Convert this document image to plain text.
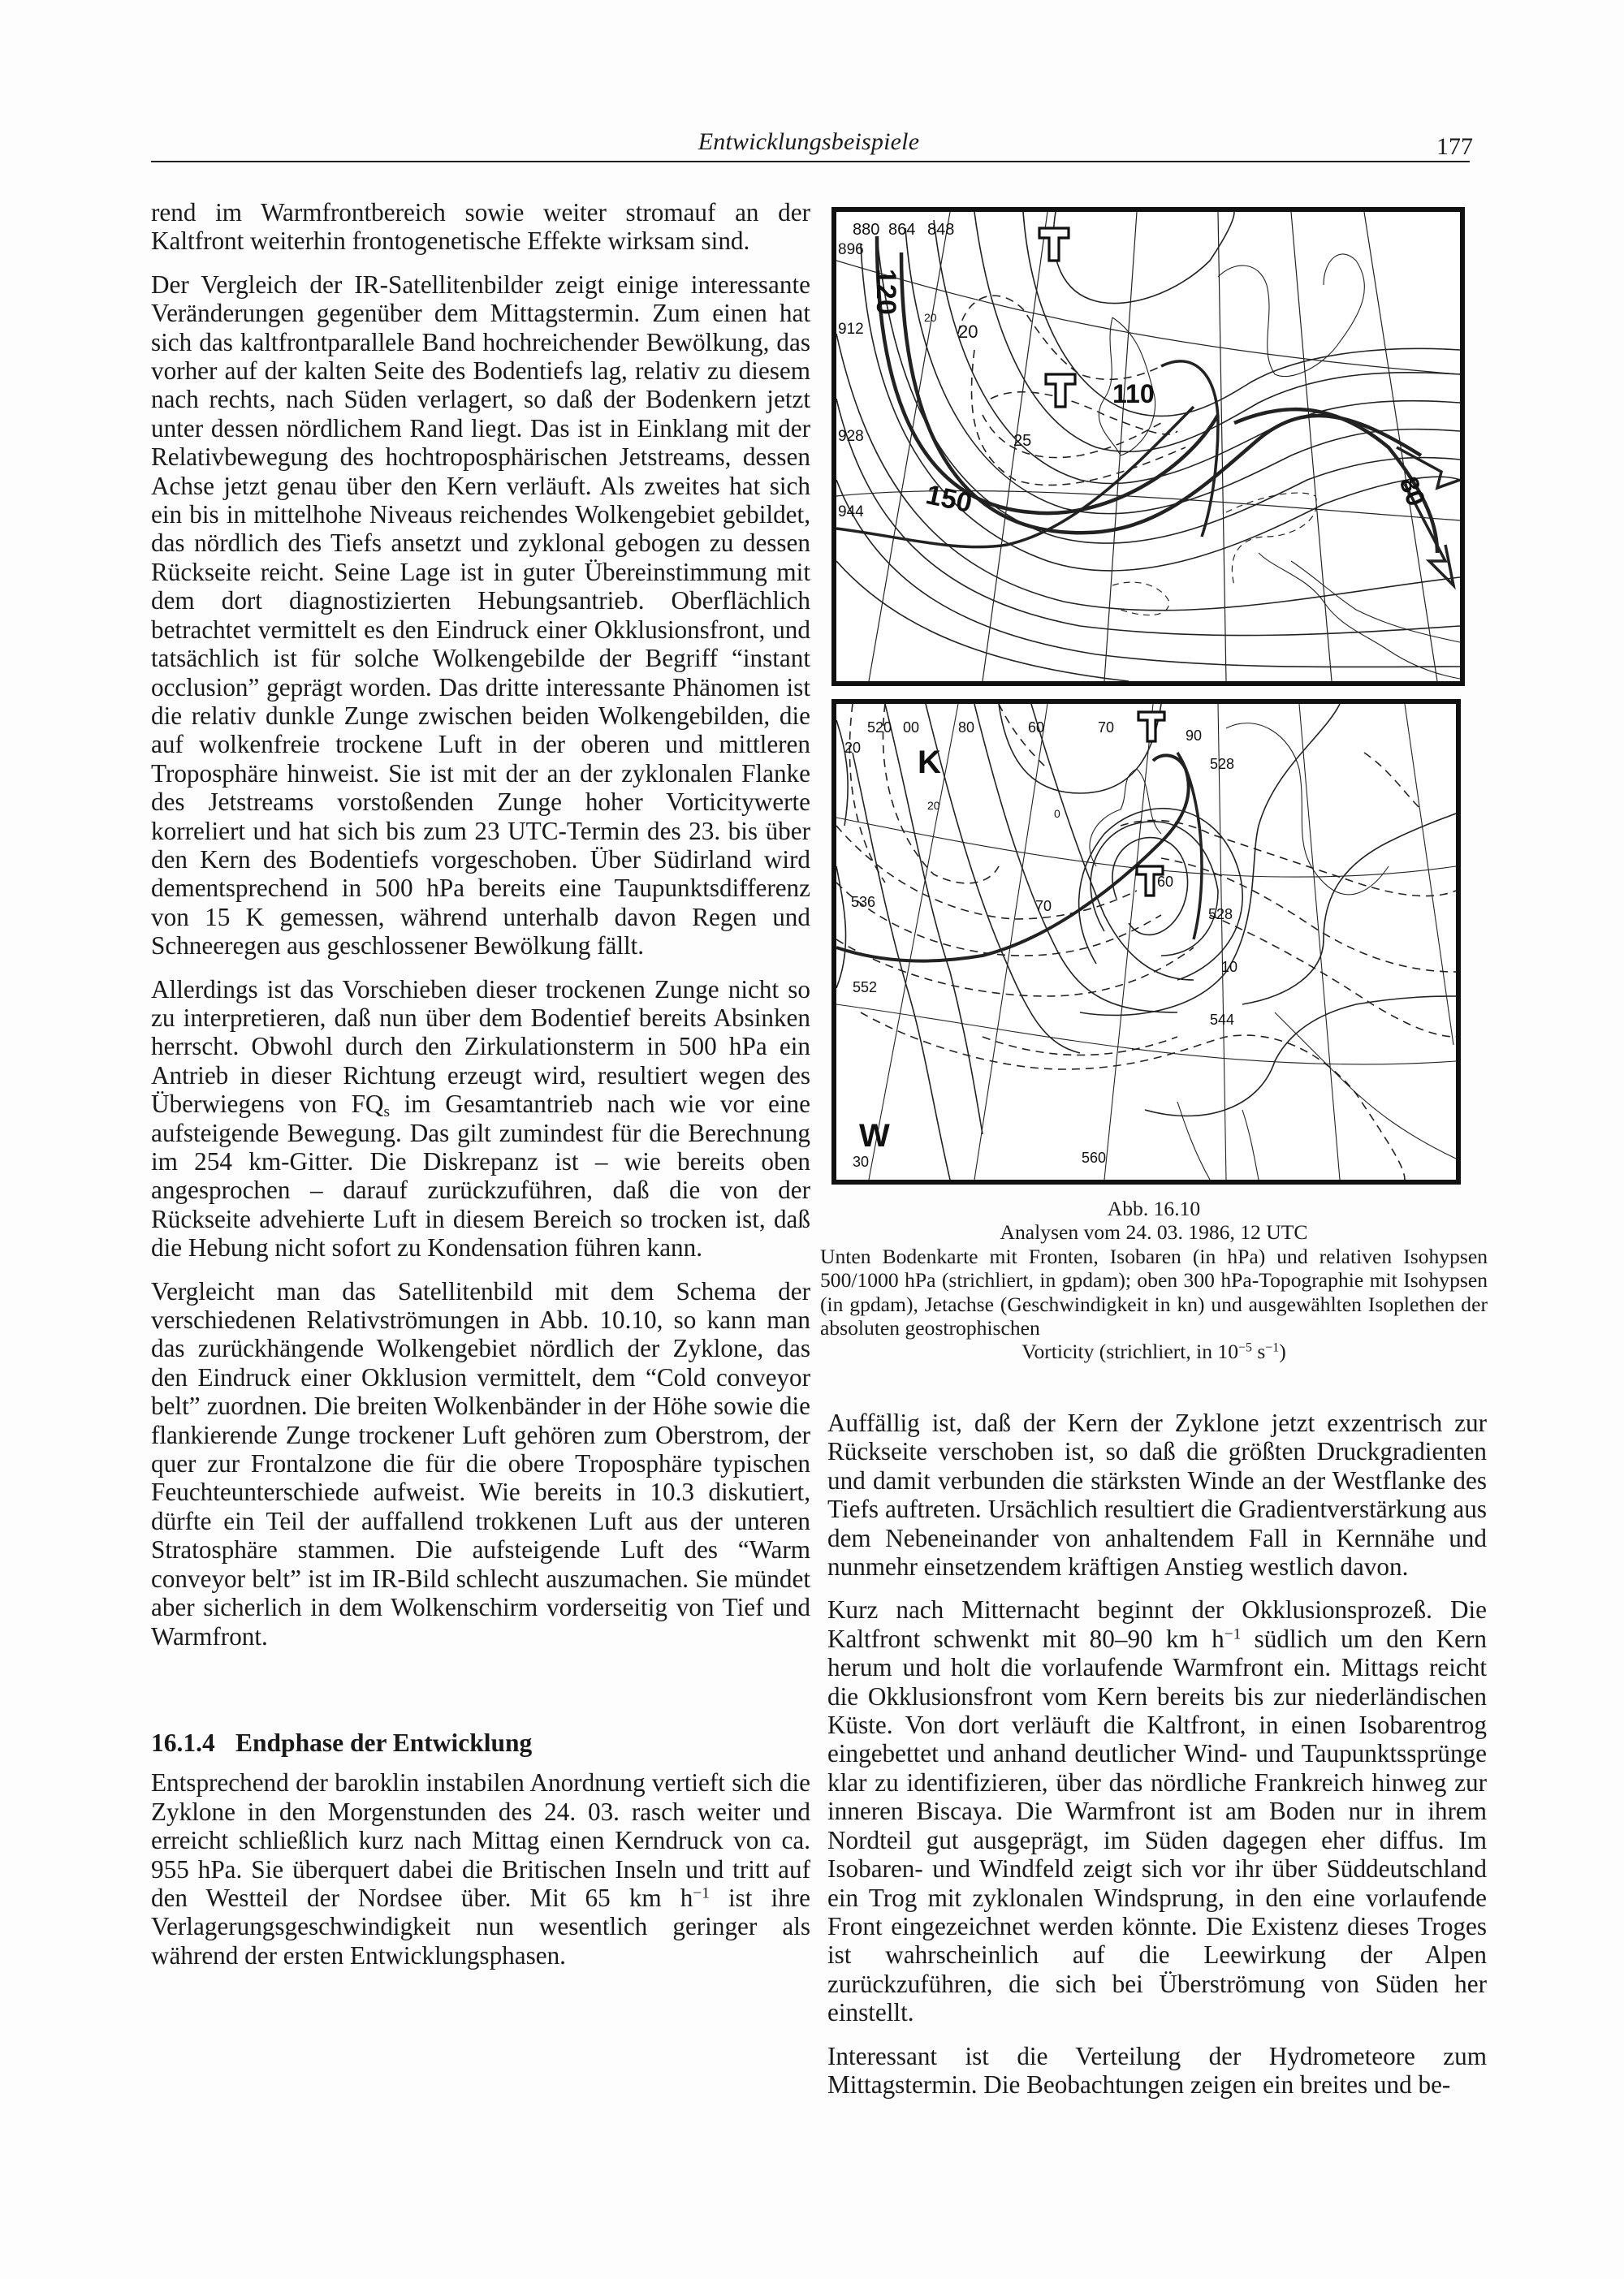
Entwicklungsbeispiele	177

rend im Warmfrontbereich sowie weiter stromauf an der Kaltfront weiterhin frontogenetische Effekte wirksam sind.

Der Vergleich der IR-Satellitenbilder zeigt einige interessante Veränderungen gegenüber dem Mittagstermin. Zum einen hat sich das kaltfrontparallele Band hochreichender Bewölkung, das vorher auf der kalten Seite des Bodentiefs lag, relativ zu diesem nach rechts, nach Süden verlagert, so daß der Bodenkern jetzt unter dessen nördlichem Rand liegt. Das ist in Einklang mit der Relativbewegung des hochtroposphärischen Jetstreams, dessen Achse jetzt genau über den Kern verläuft. Als zweites hat sich ein bis in mittelhohe Niveaus reichendes Wolkengebiet gebildet, das nördlich des Tiefs ansetzt und zyklonal gebogen zu dessen Rückseite reicht. Seine Lage ist in guter Übereinstimmung mit dem dort diagnostizierten Hebungsantrieb. Oberflächlich betrachtet vermittelt es den Eindruck einer Okklusionsfront, und tatsächlich ist für solche Wolkengebilde der Begriff “instant occlusion” geprägt worden. Das dritte interessante Phänomen ist die relativ dunkle Zunge zwischen beiden Wolkengebilden, die auf wolkenfreie trockene Luft in der oberen und mittleren Troposphäre hinweist. Sie ist mit der an der zyklonalen Flanke des Jetstreams vorstoßenden Zunge hoher Vorticitywerte korreliert und hat sich bis zum 23 UTC-Termin des 23. bis über den Kern des Bodentiefs vorgeschoben. Über Südirland wird dementsprechend in 500 hPa bereits eine Taupunktsdifferenz von 15 K gemessen, während unterhalb davon Regen und Schneeregen aus geschlossener Bewölkung fällt.

Allerdings ist das Vorschieben dieser trockenen Zunge nicht so zu interpretieren, daß nun über dem Bodentief bereits Absinken herrscht. Obwohl durch den Zirkulationsterm in 500 hPa ein Antrieb in dieser Richtung erzeugt wird, resultiert wegen des Überwiegens von $FQ_s$ im Gesamtantrieb nach wie vor eine aufsteigende Bewegung. Das gilt zumindest für die Berechnung im 254 km-Gitter. Die Diskrepanz ist – wie bereits oben angesprochen – darauf zurückzuführen, daß die von der Rückseite advehierte Luft in diesem Bereich so trocken ist, daß die Hebung nicht sofort zu Kondensation führen kann.

Vergleicht man das Satellitenbild mit dem Schema der verschiedenen Relativströmungen in Abb. 10.10, so kann man das zurückhängende Wolkengebiet nördlich der Zyklone, das den Eindruck einer Okklusion vermittelt, dem “Cold conveyor belt” zuordnen. Die breiten Wolkenbänder in der Höhe sowie die flankierende Zunge trockener Luft gehören zum Oberstrom, der quer zur Frontalzone die für die obere Troposphäre typischen Feuchteunterschiede aufweist. Wie bereits in 10.3 diskutiert, dürfte ein Teil der auffallend trokkenen Luft aus der unteren Stratosphäre stammen. Die aufsteigende Luft des “Warm conveyor belt” ist im IR-Bild schlecht auszumachen. Sie mündet aber sicherlich in dem Wolkenschirm vorderseitig von Tief und Warmfront.

16.1.4 Endphase der Entwicklung

Entsprechend der baroklin instabilen Anordnung vertieft sich die Zyklone in den Morgenstunden des 24. 03. rasch weiter und erreicht schließlich kurz nach Mittag einen Kerndruck von ca. 955 hPa. Sie überquert dabei die Britischen Inseln und tritt auf den Westteil der Nordsee über. Mit 65 km $h^{-1}$ ist ihre Verlagerungsgeschwindigkeit nun wesentlich geringer als während der ersten Entwicklungsphasen.

880 864 848
896
912
928
944
120
150
110
80
20
25
20
520
20
00	80	60	70	90
528
K
20
0
60
70
536
528
552
10
544
W
30	560
Abb. 16.10
Analysen vom 24. 03. 1986, 12 UTC
Unten Bodenkarte mit Fronten, Isobaren (in hPa) und relativen Isohypsen 500/1000 hPa (strichliert, in gpdam); oben 300 hPa-Topographie mit Isohypsen (in gpdam), Jetachse (Geschwindigkeit in kn) und ausgewählten Isoplethen der absoluten geostrophischen
Vorticity (strichliert, in $10^{-5}$ $s^{-1}$)

Auffällig ist, daß der Kern der Zyklone jetzt exzentrisch zur Rückseite verschoben ist, so daß die größten Druckgradienten und damit verbunden die stärksten Winde an der Westflanke des Tiefs auftreten. Ursächlich resultiert die Gradientverstärkung aus dem Nebeneinander von anhaltendem Fall in Kernnähe und nunmehr einsetzendem kräftigen Anstieg westlich davon.

Kurz nach Mitternacht beginnt der Okklusionsprozeß. Die Kaltfront schwenkt mit 80–90 km $h^{-1}$ südlich um den Kern herum und holt die vorlaufende Warmfront ein. Mittags reicht die Okklusionsfront vom Kern bereits bis zur niederländischen Küste. Von dort verläuft die Kaltfront, in einen Isobarentrog eingebettet und anhand deutlicher Wind- und Taupunktssprünge klar zu identifizieren, über das nördliche Frankreich hinweg zur inneren Biscaya. Die Warmfront ist am Boden nur in ihrem Nordteil gut ausgeprägt, im Süden dagegen eher diffus. Im Isobaren- und Windfeld zeigt sich vor ihr über Süddeutschland ein Trog mit zyklonalen Windsprung, in den eine vorlaufende Front eingezeichnet werden könnte. Die Existenz dieses Troges ist wahrscheinlich auf die Leewirkung der Alpen zurückzuführen, die sich bei Überströmung von Süden her einstellt.

Interessant ist die Verteilung der Hydrometeore zum Mittagstermin. Die Beobachtungen zeigen ein breites und be-
